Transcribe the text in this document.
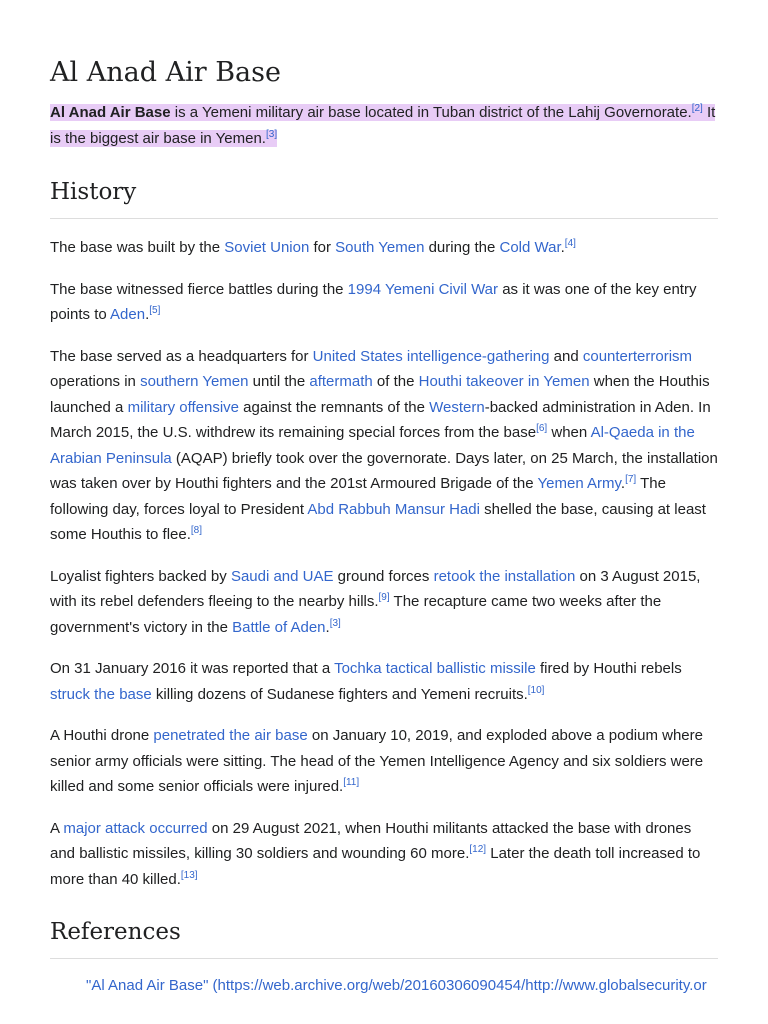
Al Anad Air Base

Al Anad Air Base is a Yemeni military air base located in Tuban district of the Lahij Governorate.[2] It is the biggest air base in Yemen.[3]

History

The base was built by the Soviet Union for South Yemen during the Cold War.[4]

The base witnessed fierce battles during the 1994 Yemeni Civil War as it was one of the key entry points to Aden.[5]

The base served as a headquarters for United States intelligence-gathering and counterterrorism operations in southern Yemen until the aftermath of the Houthi takeover in Yemen when the Houthis launched a military offensive against the remnants of the Western-backed administration in Aden. In March 2015, the U.S. withdrew its remaining special forces from the base[6] when Al-Qaeda in the Arabian Peninsula (AQAP) briefly took over the governorate. Days later, on 25 March, the installation was taken over by Houthi fighters and the 201st Armoured Brigade of the Yemen Army.[7] The following day, forces loyal to President Abd Rabbuh Mansur Hadi shelled the base, causing at least some Houthis to flee.[8]

Loyalist fighters backed by Saudi and UAE ground forces retook the installation on 3 August 2015, with its rebel defenders fleeing to the nearby hills.[9] The recapture came two weeks after the government's victory in the Battle of Aden.[3]

On 31 January 2016 it was reported that a Tochka tactical ballistic missile fired by Houthi rebels struck the base killing dozens of Sudanese fighters and Yemeni recruits.[10]

A Houthi drone penetrated the air base on January 10, 2019, and exploded above a podium where senior army officials were sitting. The head of the Yemen Intelligence Agency and six soldiers were killed and some senior officials were injured.[11]

A major attack occurred on 29 August 2021, when Houthi militants attacked the base with drones and ballistic missiles, killing 30 soldiers and wounding 60 more.[12] Later the death toll increased to more than 40 killed.[13]

References
1. "Al Anad Air Base" (https://web.archive.org/web/20160306090454/http://www.globalsecurity.or
